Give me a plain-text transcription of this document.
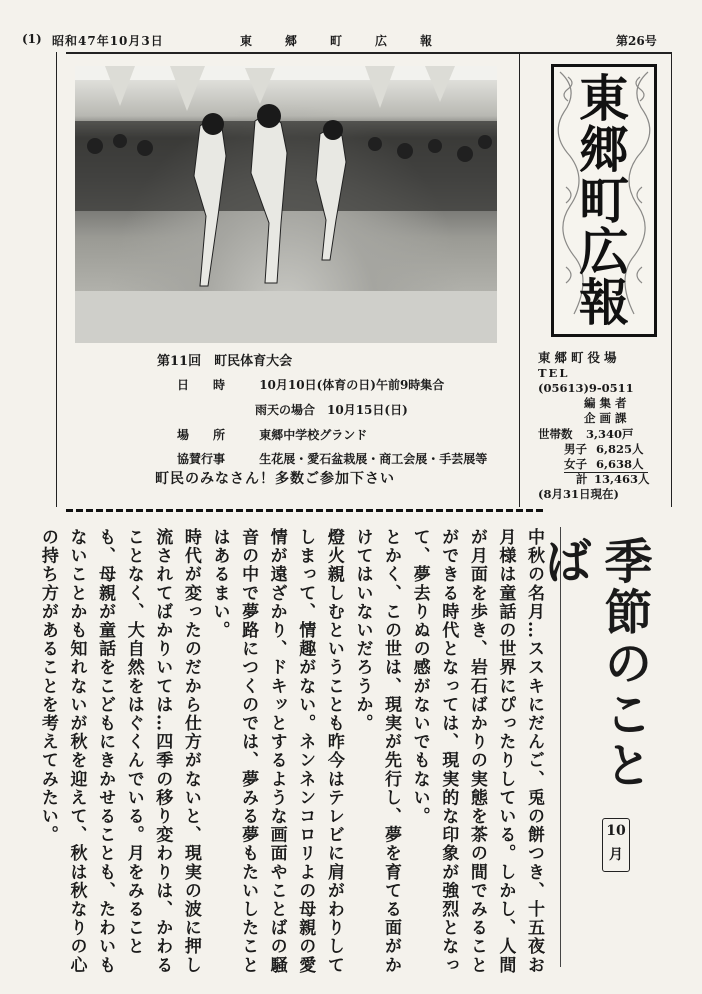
(1) 昭和47年10月3日	東郷町広報	第26号
第11回　町民体育大会
日　　時	10月10日(体育の日)午前9時集合
雨天の場合　10月15日(日)
場　　所	東郷中学校グランド
協賛行事	生花展・愛石盆栽展・商工会展・手芸展等
町民のみなさん！多数ご参加下さい
東
郷
町
広
報
東郷町役場
TEL
(05613)9-0511
編 集 者
企 画 課
世帯数 3,340戸
男子 6,825人
女子 6,638人
計 13,463人
(8月31日現在)

中秋の名月…ススキにだんご、兎の餅つき、十五夜お月様は童話の世界にぴったりしている。しかし、人間が月面を歩き、岩石ばかりの実態を茶の間でみることができる時代となっては、現実的な印象が強烈となって、夢去りぬの感がないでもない。

とかく、この世は、現実が先行し、夢を育てる面がかけてはいないだろうか。

燈火親しむということも昨今はテレビに肩がわりしてしまって、情趣がない。ネンネンコロリよの母親の愛情が遠ざかり、ドキッとするような画面やことばの騒音の中で夢路につくのでは、夢みる夢もたいしたことはあるまい。

時代が変ったのだから仕方がないと、現実の波に押し流されてばかりいては…四季の移り変わりは、かわることなく、大自然をはぐくんでいる。月をみることも、母親が童話をこどもにきかせることも、たわいもないことかも知れないが秋を迎えて、秋は秋なりの心の持ち方があることを考えてみたい。	季節のことば
10
月
